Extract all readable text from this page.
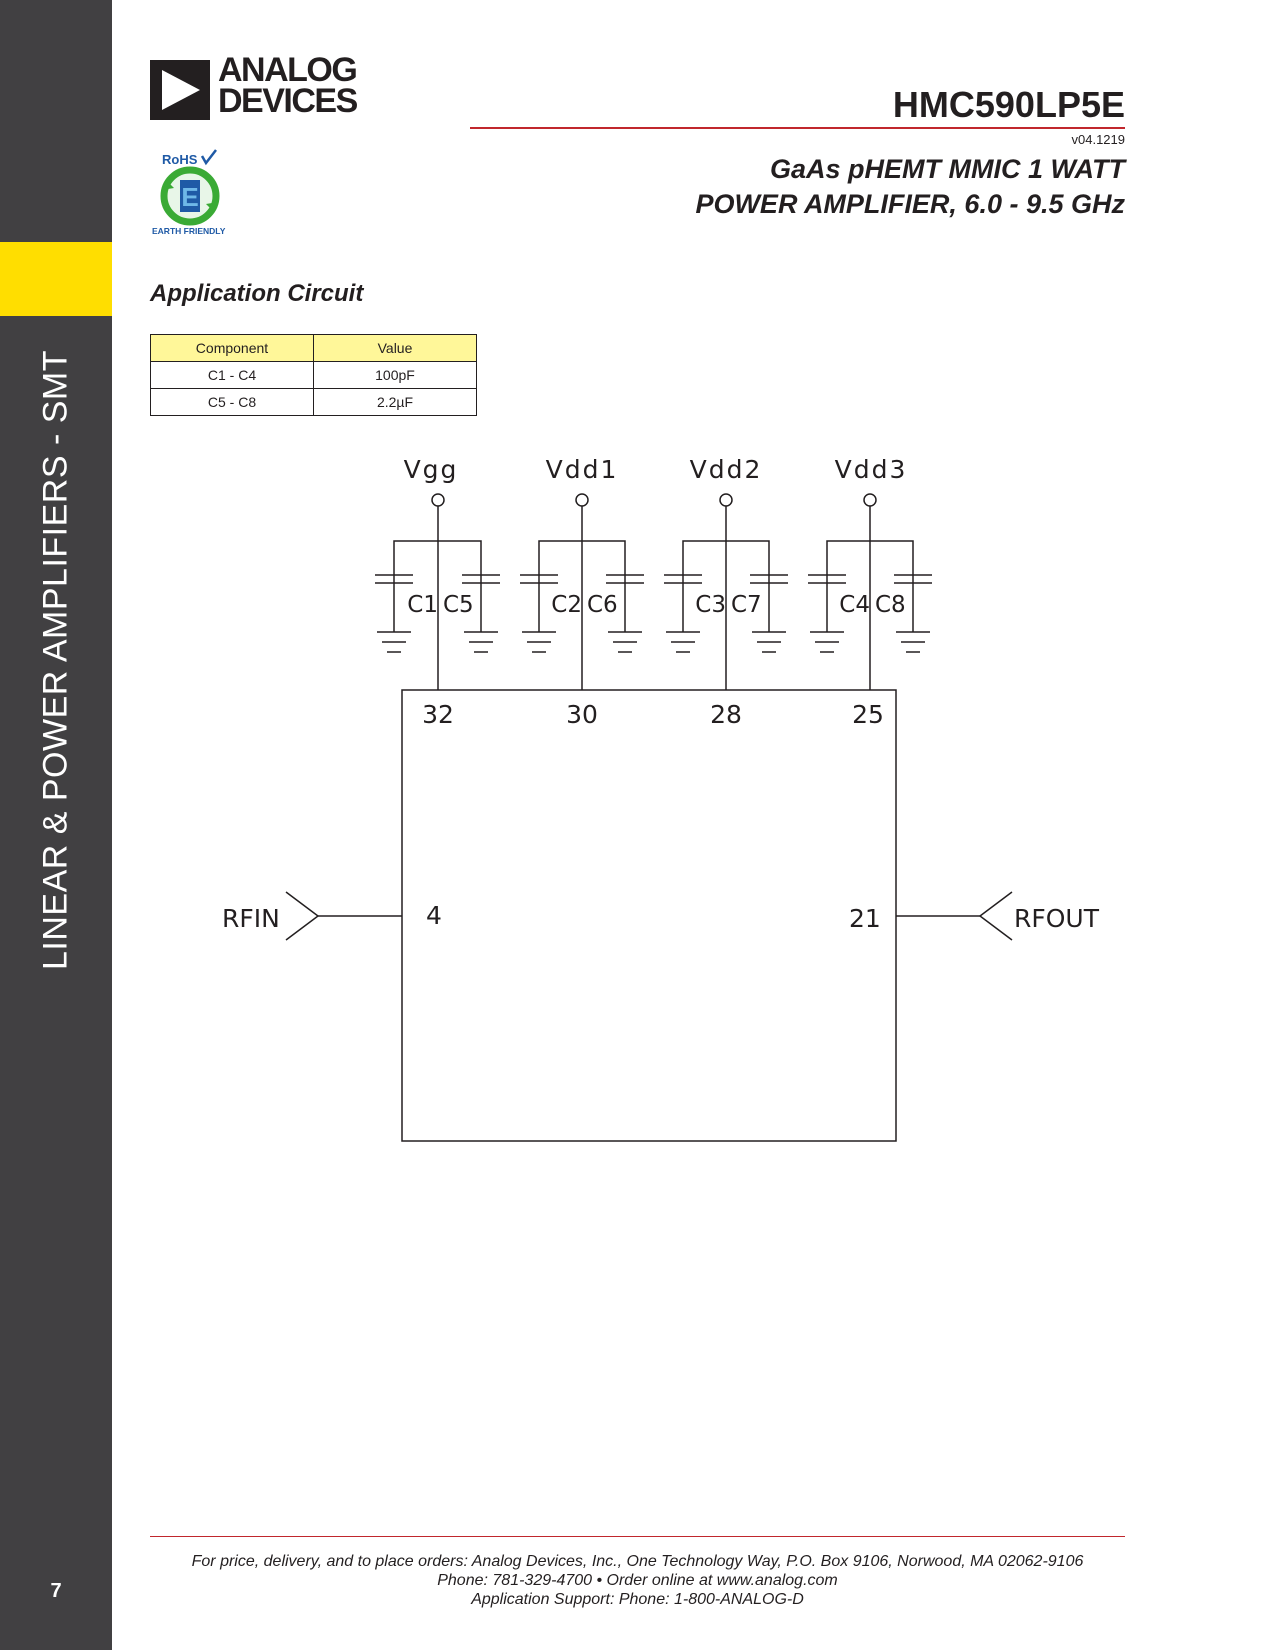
LINEAR & POWER AMPLIFIERS - SMT
7
ANALOG
DEVICES
RoHS
E
EARTH FRIENDLY
HMC590LP5E
v04.1219
GaAs pHEMT MMIC 1 WATT
POWER AMPLIFIER, 6.0 - 9.5 GHz
Application Circuit
Component	Value
C1 - C4	100pF
C5 - C8	2.2µF
Vgg
C1 C5
32
Vdd1
C2 C6
30
Vdd2
C3 C7
28
Vdd3
C4 C8
25
RFIN	4	21	RFOUT
For price, delivery, and to place orders: Analog Devices, Inc., One Technology Way, P.O. Box 9106, Norwood, MA 02062-9106
Phone: 781-329-4700 • Order online at www.analog.com
Application Support: Phone: 1-800-ANALOG-D
